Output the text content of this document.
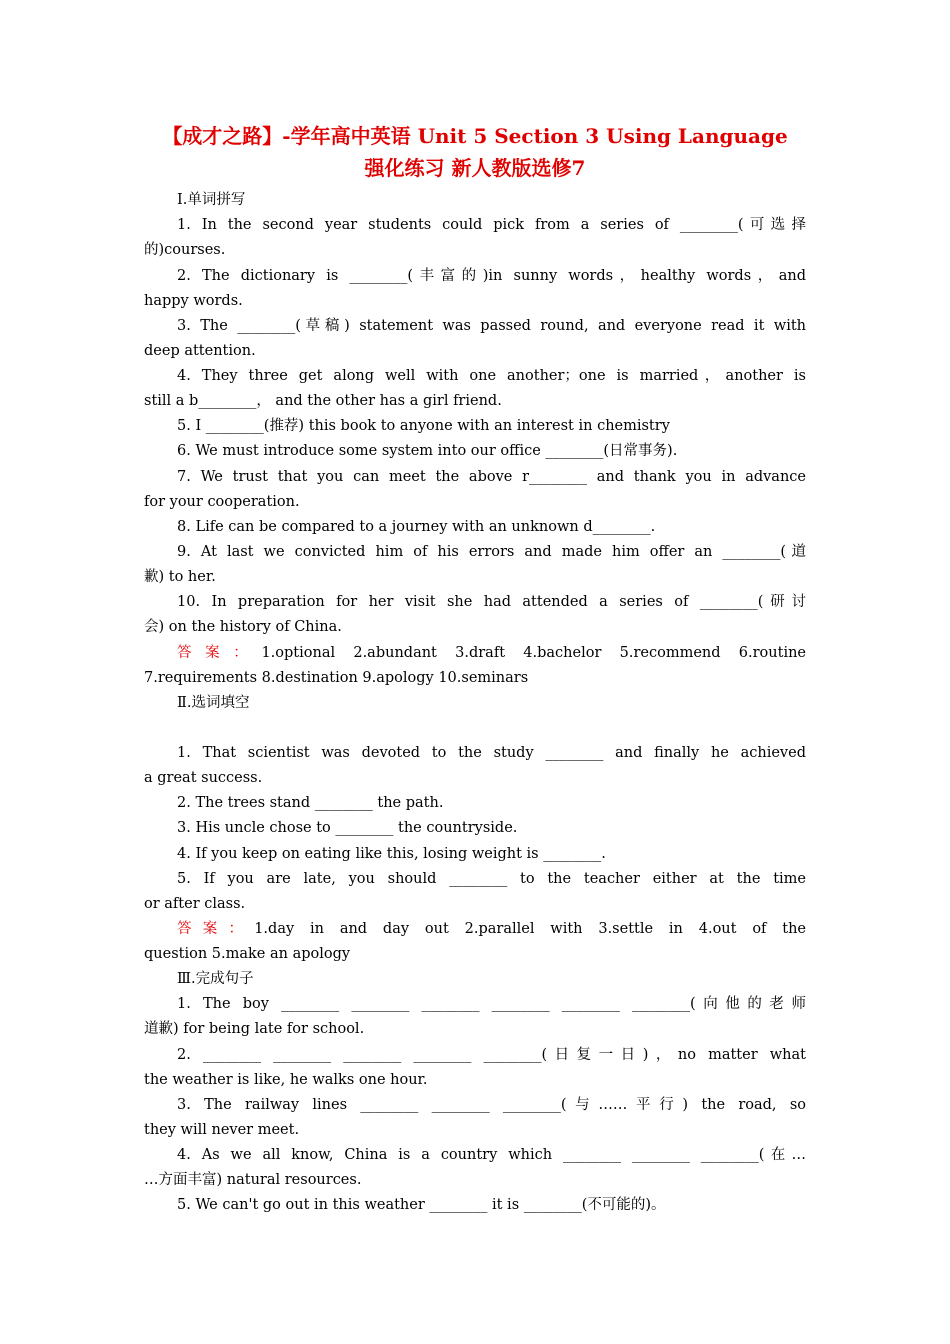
【成才之路】-学年高中英语 Unit 5 Section 3 Using Language
强化练习 新人教版选修7
Ⅰ.单词拼写
1. In the second year students could pick from a series of ________(可选择
的)courses.
2. The dictionary is ________(丰富的)in sunny words，healthy words，and
happy words.
3. The ________(草稿) statement was passed round, and everyone read it with
deep attention.
4. They three get along well with one another；one is married，another is
still a b________， and the other has a girl friend.
5. I ________(推荐) this book to anyone with an interest in chemistry
6. We must introduce some system into our office ________(日常事务).
7. We trust that you can meet the above r________ and thank you in advance
for your cooperation.
8. Life can be compared to a journey with an unknown d________.
9. At last we convicted him of his errors and made him offer an ________(道
歉) to her.
10. In preparation for her visit she had attended a series of ________(研讨
会) on the history of China.
答案：1.optional 2.abundant 3.draft 4.bachelor 5.recommend 6.routine
7.requirements 8.destination 9.apology 10.seminars
Ⅱ.选词填空
1. That scientist was devoted to the study ________ and finally he achieved
a great success.
2. The trees stand ________ the path.
3. His uncle chose to ________ the countryside.
4. If you keep on eating like this, losing weight is ________.
5. If you are late, you should ________ to the teacher either at the time
or after class.
答案：1.day in and day out 2.parallel with 3.settle in 4.out of the
question 5.make an apology
Ⅲ.完成句子
1. The boy ________ ________ ________ ________ ________ ________(向他的老师
道歉) for being late for school.
2. ________ ________ ________ ________ ________(日复一日)，no matter what
the weather is like, he walks one hour.
3. The railway lines ________ ________ ________(与……平行) the road, so
they will never meet.
4. As we all know, China is a country which ________ ________ ________(在…
…方面丰富) natural resources.
5. We can't go out in this weather ________ it is ________(不可能的)。
